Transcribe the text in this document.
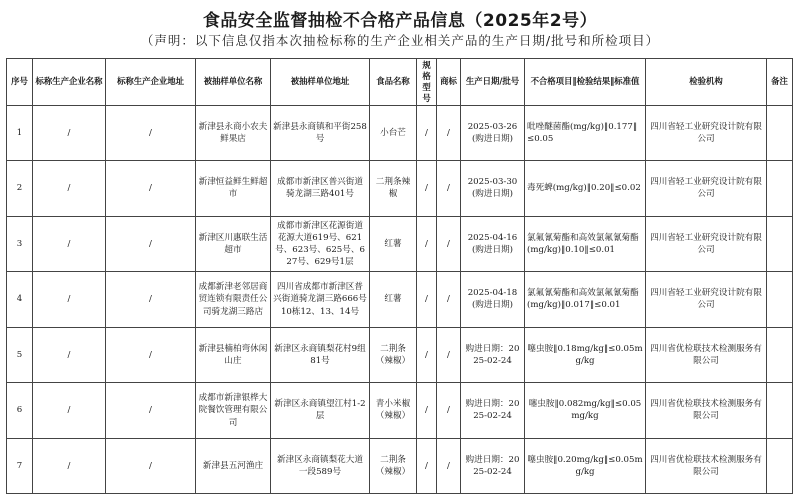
食品安全监督抽检不合格产品信息（2025年2号）
（声明：以下信息仅指本次抽检标称的生产企业相关产品的生产日期/批号和所检项目）
序号	标称生产企业名称	标称生产企业地址	被抽样单位名称	被抽样单位地址	食品名称	规格型号	商标	生产日期/批号	不合格项目‖检验结果‖标准值	检验机构	备注
1	/	/	新津县永商小农夫鲜果店	新津县永商镇和平街258号	小台芒	/	/	2025-03-26(购进日期)	吡唑醚菌酯(mg/kg)‖0.177‖≤0.05	四川省轻工业研究设计院有限公司	
2	/	/	新津恒益鲜生鲜超市	成都市新津区普兴街道骑龙湖三路401号	二荆条辣椒	/	/	2025-03-30(购进日期)	毒死蜱(mg/kg)‖0.20‖≤0.02	四川省轻工业研究设计院有限公司	
3	/	/	新津区川惠联生活超市	成都市新津区花源街道花源大道619号、621号、623号、625号、627号、629号1层	红薯	/	/	2025-04-16(购进日期)	氯氟氰菊酯和高效氯氟氰菊酯(mg/kg)‖0.10‖≤0.01	四川省轻工业研究设计院有限公司	
4	/	/	成都新津老邻居商贸连锁有限责任公司骑龙湖三路店	四川省成都市新津区普兴街道骑龙湖三路666号10栋12、13、14号	红薯	/	/	2025-04-18(购进日期)	氯氟氰菊酯和高效氯氟氰菊酯(mg/kg)‖0.017‖≤0.01	四川省轻工业研究设计院有限公司	
5	/	/	新津县楠柏弯休闲山庄	新津区永商镇梨花村9组81号	二荆条（辣椒）	/	/	购进日期：2025-02-24	噻虫胺‖0.18mg/kg‖≤0.05mg/kg	四川省优检联技术检测服务有限公司	
6	/	/	成都市新津银桦大院餐饮管理有限公司	新津区永商镇望江村1-2层	青小米椒（辣椒）	/	/	购进日期：2025-02-24	噻虫胺‖0.082mg/kg‖≤0.05mg/kg	四川省优检联技术检测服务有限公司	
7	/	/	新津县五河渔庄	新津区永商镇梨花大道一段589号	二荆条（辣椒）	/	/	购进日期：2025-02-24	噻虫胺‖0.20mg/kg‖≤0.05mg/kg	四川省优检联技术检测服务有限公司	
